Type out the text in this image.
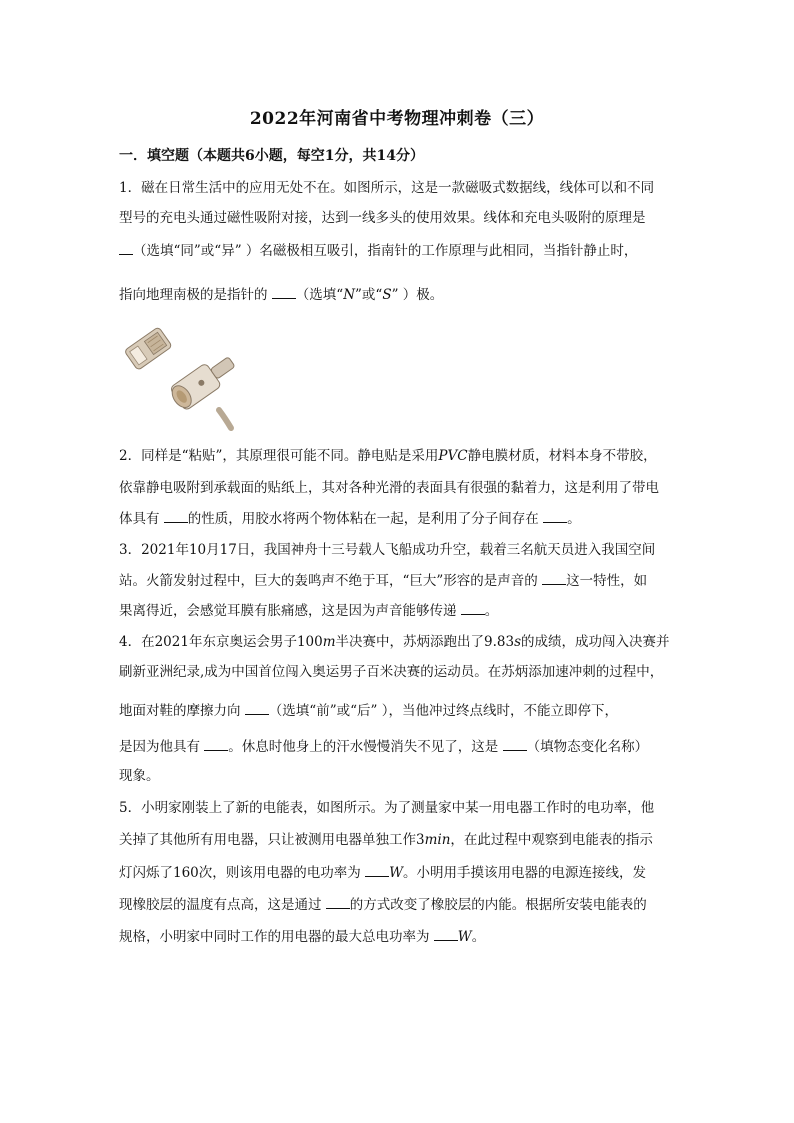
2022年河南省中考物理冲刺卷（三）
一．填空题（本题共6小题，每空1分，共14分）
1．磁在日常生活中的应用无处不在。如图所示，这是一款磁吸式数据线，线体可以和不同
型号的充电头通过磁性吸附对接，达到一线多头的使用效果。线体和充电头吸附的原理是
（选填“同”或“异” ）名磁极相互吸引，指南针的工作原理与此相同，当指针静止时，
指向地理南极的是指针的 （选填“N”或“S” ）极。
2．同样是“粘贴”，其原理很可能不同。静电贴是采用PVC静电膜材质，材料本身不带胶，
依靠静电吸附到承载面的贴纸上，其对各种光滑的表面具有很强的黏着力，这是利用了带电
体具有 的性质，用胶水将两个物体粘在一起，是利用了分子间存在 。
3．2021年10月17日，我国神舟十三号载人飞船成功升空，载着三名航天员进入我国空间
站。火箭发射过程中，巨大的轰鸣声不绝于耳，“巨大”形容的是声音的 这一特性，如
果离得近，会感觉耳膜有胀痛感，这是因为声音能够传递 。
4．在2021年东京奥运会男子100m半决赛中，苏炳添跑出了9.83s的成绩，成功闯入决赛并
刷新亚洲纪录,成为中国首位闯入奥运男子百米决赛的运动员。在苏炳添加速冲刺的过程中，
地面对鞋的摩擦力向 （选填“前”或“后” ），当他冲过终点线时，不能立即停下，
是因为他具有 。休息时他身上的汗水慢慢消失不见了，这是 （填物态变化名称）
现象。
5．小明家刚装上了新的电能表，如图所示。为了测量家中某一用电器工作时的电功率，他
关掉了其他所有用电器，只让被测用电器单独工作3min，在此过程中观察到电能表的指示
灯闪烁了160次，则该用电器的电功率为 W。小明用手摸该用电器的电源连接线，发
现橡胶层的温度有点高，这是通过 的方式改变了橡胶层的内能。根据所安装电能表的
规格，小明家中同时工作的用电器的最大总电功率为 W。
